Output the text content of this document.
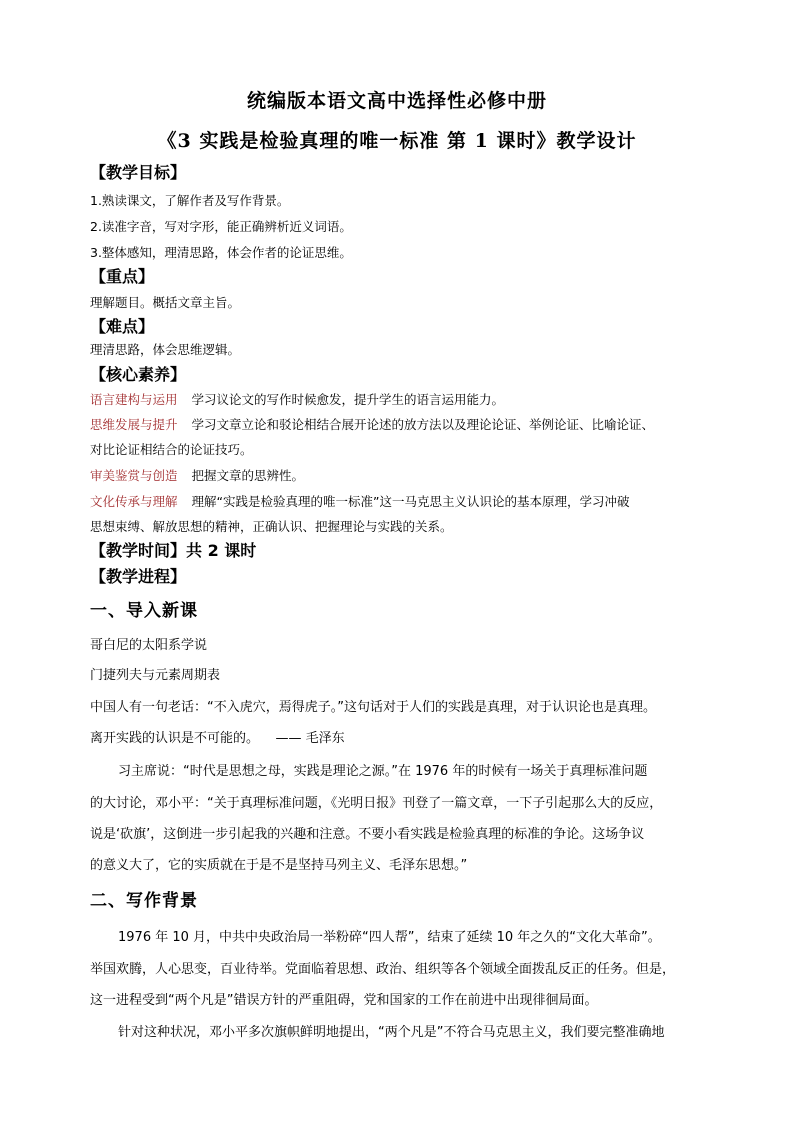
统编版本语文高中选择性必修中册
《3 实践是检验真理的唯一标准 第 1 课时》教学设计
【教学目标】
1.熟读课文，了解作者及写作背景。
2.读准字音，写对字形，能正确辨析近义词语。
3.整体感知，理清思路，体会作者的论证思维。
【重点】
理解题目。概括文章主旨。
【难点】
理清思路，体会思维逻辑。
【核心素养】
语言建构与运用 学习议论文的写作时候愈发，提升学生的语言运用能力。
思维发展与提升 学习文章立论和驳论相结合展开论述的放方法以及理论论证、举例论证、比喻论证、
对比论证相结合的论证技巧。
审美鉴赏与创造 把握文章的思辨性。
文化传承与理解 理解“实践是检验真理的唯一标准”这一马克思主义认识论的基本原理，学习冲破
思想束缚、解放思想的精神，正确认识、把握理论与实践的关系。
【教学时间】共 2 课时
【教学进程】
一、导入新课
哥白尼的太阳系学说
门捷列夫与元素周期表
中国人有一句老话：“不入虎穴，焉得虎子。”这句话对于人们的实践是真理，对于认识论也是真理。
离开实践的认识是不可能的。    —— 毛泽东
习主席说：“时代是思想之母，实践是理论之源。”在 1976 年的时候有一场关于真理标准问题
的大讨论，邓小平：“关于真理标准问题，《光明日报》刊登了一篇文章，一下子引起那么大的反应，
说是‘砍旗’，这倒进一步引起我的兴趣和注意。不要小看实践是检验真理的标准的争论。这场争议
的意义大了，它的实质就在于是不是坚持马列主义、毛泽东思想。”
二、写作背景
1976 年 10 月，中共中央政治局一举粉碎“四人帮”，结束了延续 10 年之久的“文化大革命”。
举国欢腾，人心思变，百业待举。党面临着思想、政治、组织等各个领域全面拨乱反正的任务。但是，
这一进程受到“两个凡是”错误方针的严重阻碍，党和国家的工作在前进中出现徘徊局面。
针对这种状况，邓小平多次旗帜鲜明地提出，“两个凡是”不符合马克思主义，我们要完整准确地
